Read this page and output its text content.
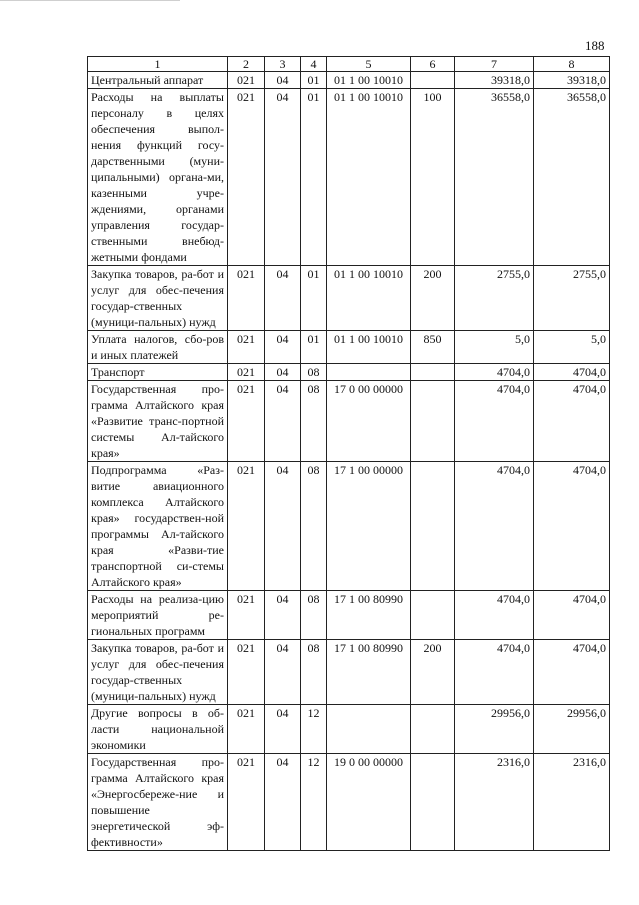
188
1	2	3	4	5	6	7	8
Центральный аппарат	021	04	01	01 1 00 10010		39318,0	39318,0
Расходы на выплаты персоналу в целях обеспечения выпол-нения функций госу-дарственными (муни-ципальными) органа-ми, казенными учре-ждениями, органами управления государ-ственными внебюд-жетными фондами	021	04	01	01 1 00 10010	100	36558,0	36558,0
Закупка товаров, ра-бот и услуг для обес-печения государ-ственных (муници-пальных) нужд	021	04	01	01 1 00 10010	200	2755,0	2755,0
Уплата налогов, сбо-ров и иных платежей	021	04	01	01 1 00 10010	850	5,0	5,0
Транспорт	021	04	08			4704,0	4704,0
Государственная про-грамма Алтайского края «Развитие транс-портной системы Ал-тайского края»	021	04	08	17 0 00 00000		4704,0	4704,0
Подпрограмма «Раз-витие авиационного комплекса Алтайского края» государствен-ной программы Ал-тайского края «Разви-тие транспортной си-стемы Алтайского края»	021	04	08	17 1 00 00000		4704,0	4704,0
Расходы на реализа-цию мероприятий ре-гиональных программ	021	04	08	17 1 00 80990		4704,0	4704,0
Закупка товаров, ра-бот и услуг для обес-печения государ-ственных (муници-пальных) нужд	021	04	08	17 1 00 80990	200	4704,0	4704,0
Другие вопросы в об-ласти национальной экономики	021	04	12			29956,0	29956,0
Государственная про-грамма Алтайского края «Энергосбереже-ние и повышение энергетической эф-фективности»	021	04	12	19 0 00 00000		2316,0	2316,0
